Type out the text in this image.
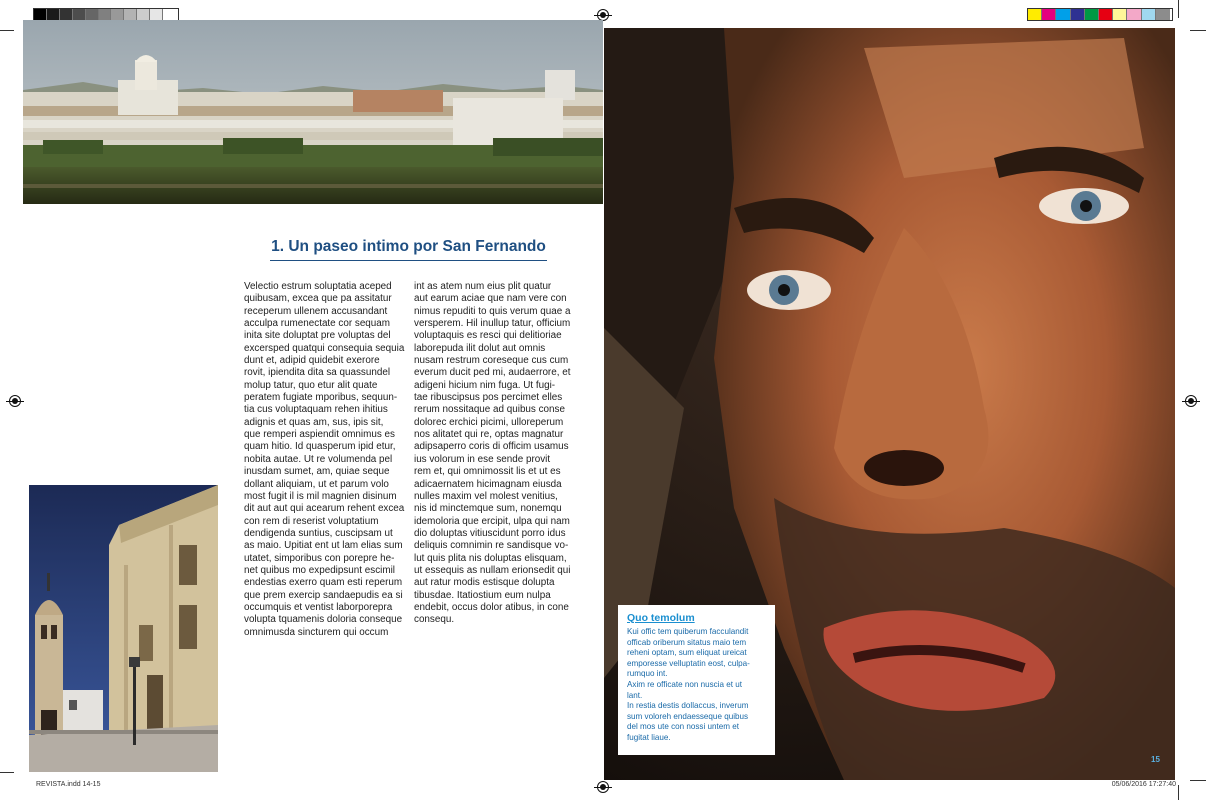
1. Un paseo intimo por San Fernando
Velectio estrum soluptatia aceped
quibusam, excea que pa assitatur
receperum ullenem accusandant
acculpa rumenectate cor sequam
inita site doluptat pre voluptas del
excersped quatqui consequia sequia
dunt et, adipid quidebit exerore
rovit, ipiendita dita sa quassundel
molup tatur, quo etur alit quate
peratem fugiate mporibus, sequun-
tia cus voluptaquam rehen ihitius
adignis et quas am, sus, ipis sit,
que remperi aspiendit omnimus es
quam hitio. Id quasperum ipid etur,
nobita autae. Ut re volumenda pel
inusdam sumet, am, quiae seque
dollant aliquiam, ut et parum volo
most fugit il is mil magnien disinum
dit aut aut qui acearum rehent excea
con rem di reserist voluptatium
dendigenda suntius, cuscipsam ut
as maio. Upitiat ent ut lam elias sum
utatet, simporibus con porepre he-
net quibus mo expedipsunt escimil
endestias exerro quam esti reperum
que prem exercip sandaepudis ea si
occumquis et ventist laborporepra
volupta tquamenis doloria conseque
omnimusda sincturem qui occum
int as atem num eius plit quatur
aut earum aciae que nam vere con
nimus repuditi to quis verum quae a
versperem. Hil inullup tatur, officium
voluptaquis es resci qui delitioriae
laborepuda ilit dolut aut omnis
nusam restrum coreseque cus cum
everum ducit ped mi, audaerrore, et
adigeni hicium nim fuga. Ut fugi-
tae ribuscipsus pos percimet elles
rerum nossitaque ad quibus conse
dolorec erchici picimi, ulloreperum
nos alitatet qui re, optas magnatur
adipsaperro coris di officim usamus
ius volorum in ese sende provit
rem et, qui omnimossit lis et ut es
adicaernatem hicimagnam eiusda
nulles maxim vel molest venitius,
nis id minctemque sum, nonemqu
idemoloria que ercipit, ulpa qui nam
dio doluptas vitiuscidunt porro idus
deliquis comnimin re sandisque vo-
lut quis plita nis doluptas elisquam,
ut essequis as nullam erionsedit qui
aut ratur modis estisque dolupta
tibusdae. Itatiostium eum nulpa
endebit, occus dolor atibus, in cone
consequ.	Quo temolum
Kui offic tem quiberum facculandit
officab oriberum sitatus maio tem
reheni optam, sum eliquat ureicat
emporesse velluptatin eost, culpa-
rumquo int.
Axim re officate non nuscia et ut
lant.
In restia destis dollaccus, inverum
sum voloreh endaesseque quibus
del mos ute con nossi untem et
fugitat liaue.
15
REVISTA.indd 14-15	05/06/2016 17:27:40
